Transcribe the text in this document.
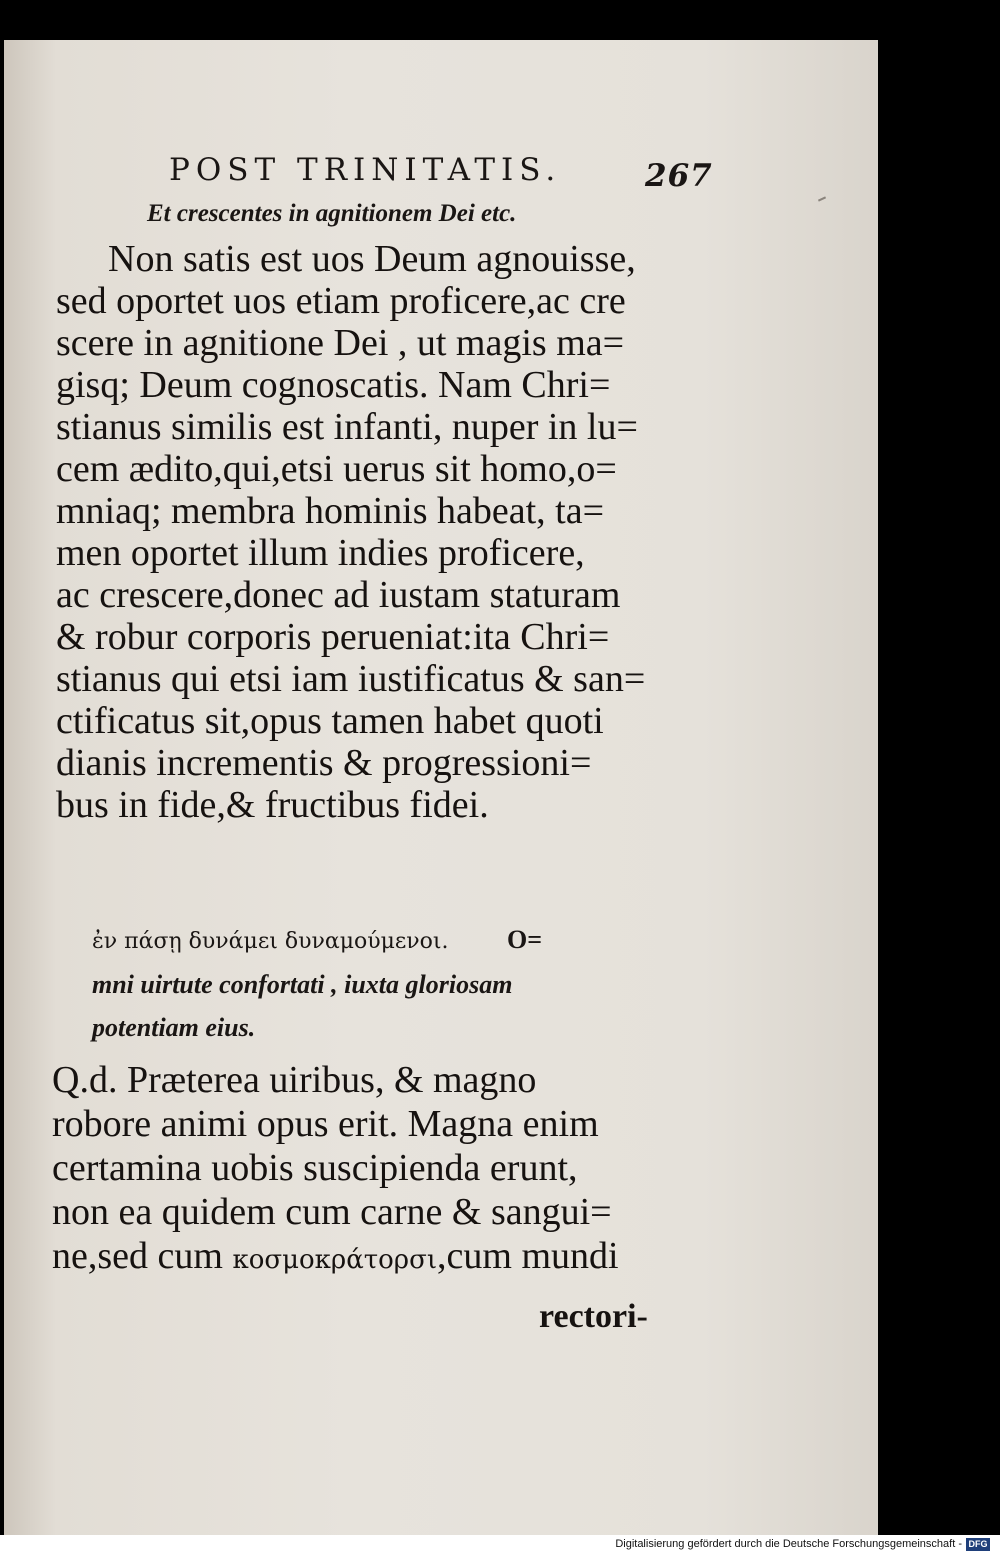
POST TRINITATIS.	267
Et crescentes in agnitionem Dei etc.
Non satis est uos Deum agnouisse,
sed oportet uos etiam proficere,ac cre
scere in agnitione Dei , ut magis ma=
gisq; Deum cognoscatis. Nam Chri=
stianus similis est infanti, nuper in lu=
cem ædito,qui,etsi uerus sit homo,o=
mniaq; membra hominis habeat, ta=
men oportet illum indies proficere,
ac crescere,donec ad iustam staturam
& robur corporis perueniat:ita Chri=
stianus qui etsi iam iustificatus & san=
ctificatus sit,opus tamen habet quoti
dianis incrementis & progressioni=
bus in fide,& fructibus fidei.
ἐν πάσῃ δυνάμει δυναμούμενοι. O=
mni uirtute confortati , iuxta gloriosam
potentiam eius.
Q.d. Præterea uiribus, & magno
robore animi opus erit. Magna enim
certamina uobis suscipienda erunt,
non ea quidem cum carne & sangui=
ne,sed cum κοσμοκράτορσι,cum mundi
rectori-
Digitalisierung gefördert durch die Deutsche Forschungsgemeinschaft - DFG
